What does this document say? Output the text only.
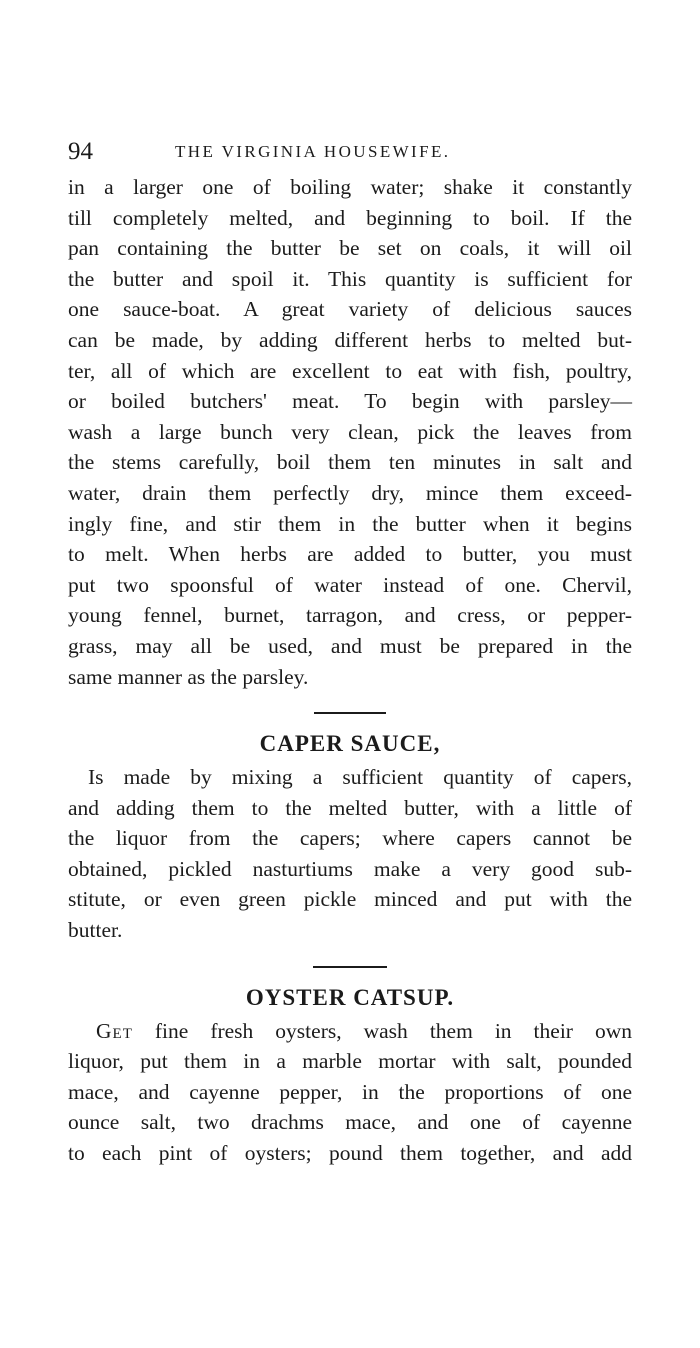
94	THE VIRGINIA HOUSEWIFE.

in a larger one of boiling water; shake it constantly
till completely melted, and beginning to boil. If the
pan containing the butter be set on coals, it will oil
the butter and spoil it. This quantity is sufficient for
one sauce-boat. A great variety of delicious sauces
can be made, by adding different herbs to melted but-
ter, all of which are excellent to eat with fish, poultry,
or boiled butchers' meat. To begin with parsley—
wash a large bunch very clean, pick the leaves from
the stems carefully, boil them ten minutes in salt and
water, drain them perfectly dry, mince them exceed-
ingly fine, and stir them in the butter when it begins
to melt. When herbs are added to butter, you must
put two spoonsful of water instead of one. Chervil,
young fennel, burnet, tarragon, and cress, or pepper-
grass, may all be used, and must be prepared in the
same manner as the parsley.

CAPER SAUCE,

Is made by mixing a sufficient quantity of capers,
and adding them to the melted butter, with a little of
the liquor from the capers; where capers cannot be
obtained, pickled nasturtiums make a very good sub-
stitute, or even green pickle minced and put with the
butter.

OYSTER CATSUP.

Get fine fresh oysters, wash them in their own
liquor, put them in a marble mortar with salt, pounded
mace, and cayenne pepper, in the proportions of one
ounce salt, two drachms mace, and one of cayenne
to each pint of oysters; pound them together, and add
